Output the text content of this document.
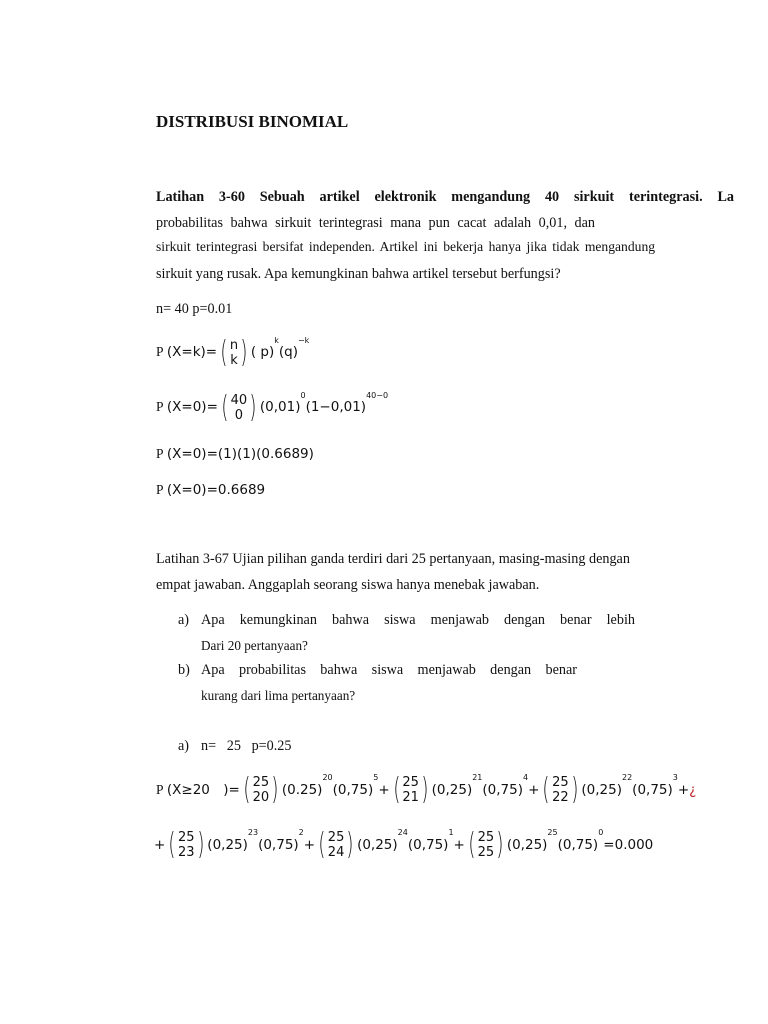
DISTRIBUSI BINOMIAL
Latihan 3-60 Sebuah artikel elektronik mengandung 40 sirkuit terintegrasi. La
probabilitas bahwa sirkuit terintegrasi mana pun cacat adalah 0,01, dan
sirkuit terintegrasi bersifat independen. Artikel ini bekerja hanya jika tidak mengandung
sirkuit yang rusak. Apa kemungkinan bahwa artikel tersebut berfungsi?
n= 40 p=0.01
P (X=k)= ( n
k) ( $p)^k(q)^{-k}$
P (X=0)= ( 40
0 ) $(0,01)^0(1-0,01)^{40-0}$
P (X=0)=(1)(1)(0.6689)
P (X=0)=0.6689
Latihan 3-67 Ujian pilihan ganda terdiri dari 25 pertanyaan, masing-masing dengan
empat jawaban. Anggaplah seorang siswa hanya menebak jawaban.
a) Apa kemungkinan bahwa siswa menjawab dengan benar lebih
Dari 20 pertanyaan?
b) Apa probabilitas bahwa siswa menjawab dengan benar
kurang dari lima pertanyaan?
a) n=   25   p=0.25
P (X≥20 )= ( 25
20) $(0.25)^{20}(0,75)^5+$ ( 25
21) $(0,25)^{21}(0,75)^4+$ ( 25
22) $(0,25)^{22}(0,75)^3+¿$
+ ( 25
23) $(0,25)^{23}(0,75)^2+$ ( 25
24) $(0,25)^{24}(0,75)^1+$ ( 25
25) $(0,25)^{25}(0,75)^0=0.000$
